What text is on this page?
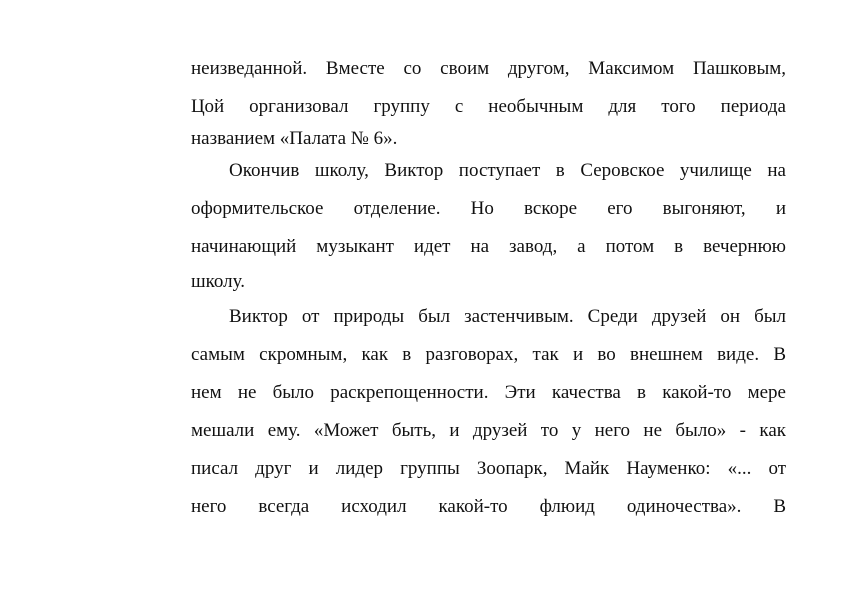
неизведанной. Вместе со своим другом, Максимом Пашковым,
Цой организовал группу с необычным для того периода
названием «Палата № 6».
Окончив школу, Виктор поступает в Серовское училище на
оформительское отделение. Но вскоре его выгоняют, и
начинающий музыкант идет на завод, а потом в вечернюю
школу.
Виктор от природы был застенчивым. Среди друзей он был
самым скромным, как в разговорах, так и во внешнем виде. В
нем не было раскрепощенности. Эти качества в какой-то мере
мешали ему. «Может быть, и друзей то у него не было» - как
писал друг и лидер группы Зоопарк, Майк Науменко: «... от
него всегда исходил какой-то флюид одиночества». В
